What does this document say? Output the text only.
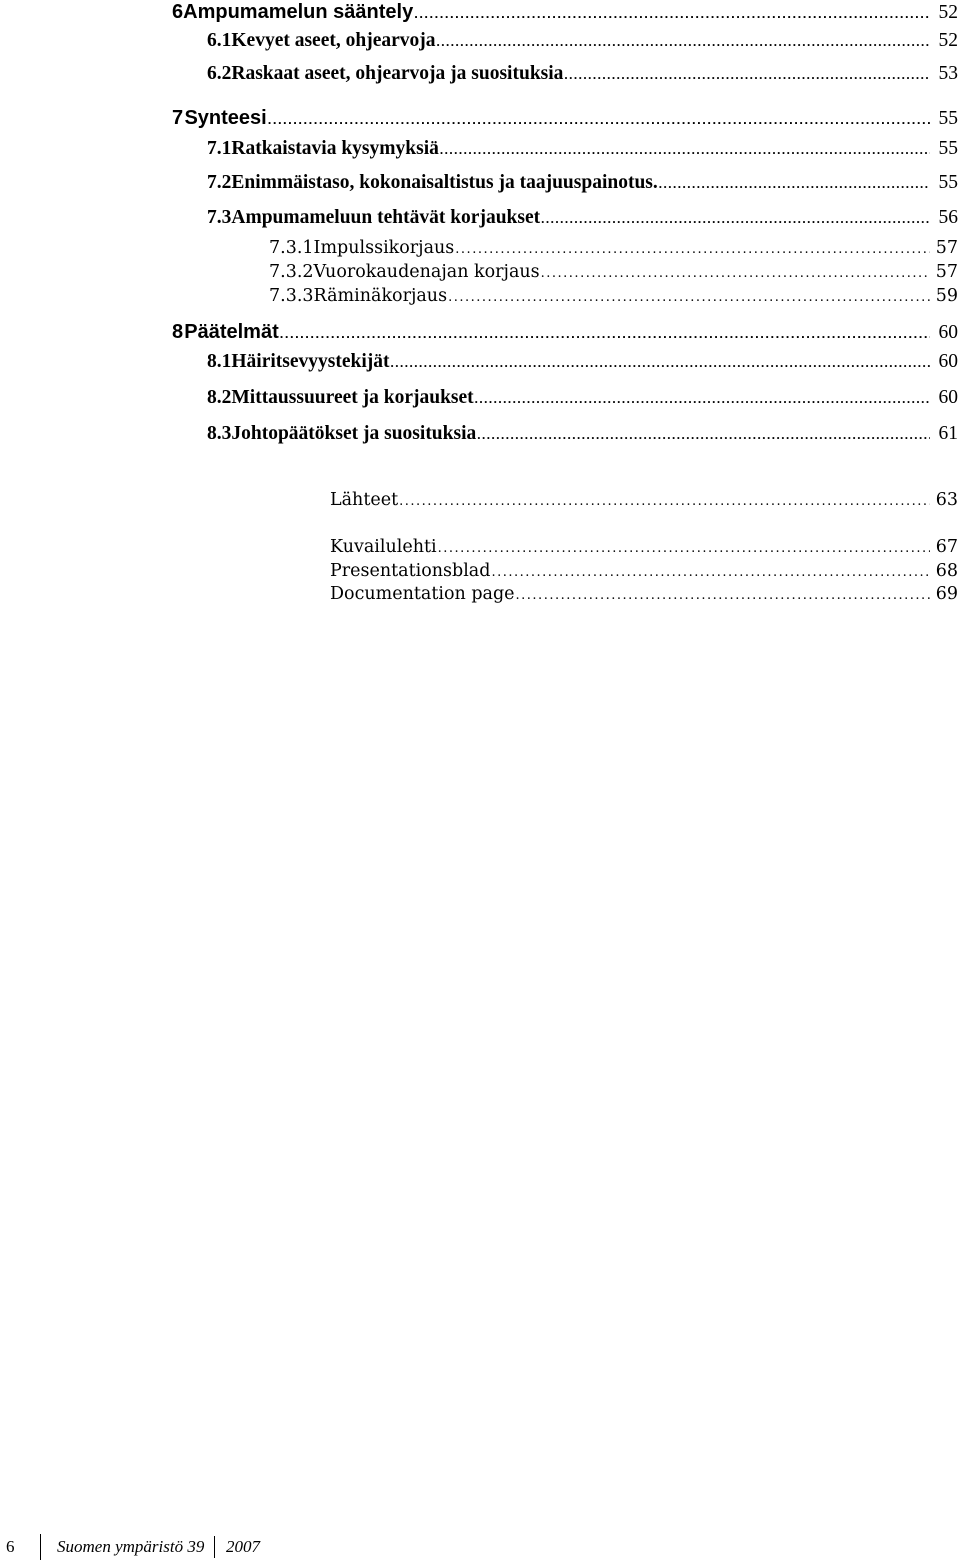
6 Ampumamelun sääntely .....	52
6.1 Kevyet aseet, ohjearvoja .....	52
6.2 Raskaat aseet, ohjearvoja ja suosituksia .....	53
7 Synteesi .....	55
7.1 Ratkaistavia kysymyksiä .....	55
7.2 Enimmäistaso, kokonaisaltistus ja taajuuspainotus. .....	55
7.3 Ampumameluun tehtävät korjaukset .....	56
7.3.1 Impulssikorjaus .....	57
7.3.2 Vuorokaudenajan korjaus .....	57
7.3.3 Räminäkorjaus .....	59
8 Päätelmät .....	60
8.1 Häiritsevyystekijät .....	60
8.2 Mittaussuureet ja korjaukset .....	60
8.3 Johtopäätökset ja suosituksia .....	61
Lähteet .....	63
Kuvailulehti .....	67
Presentationsblad .....	68
Documentation page .....	69
6	Suomen ympäristö 39 2007
